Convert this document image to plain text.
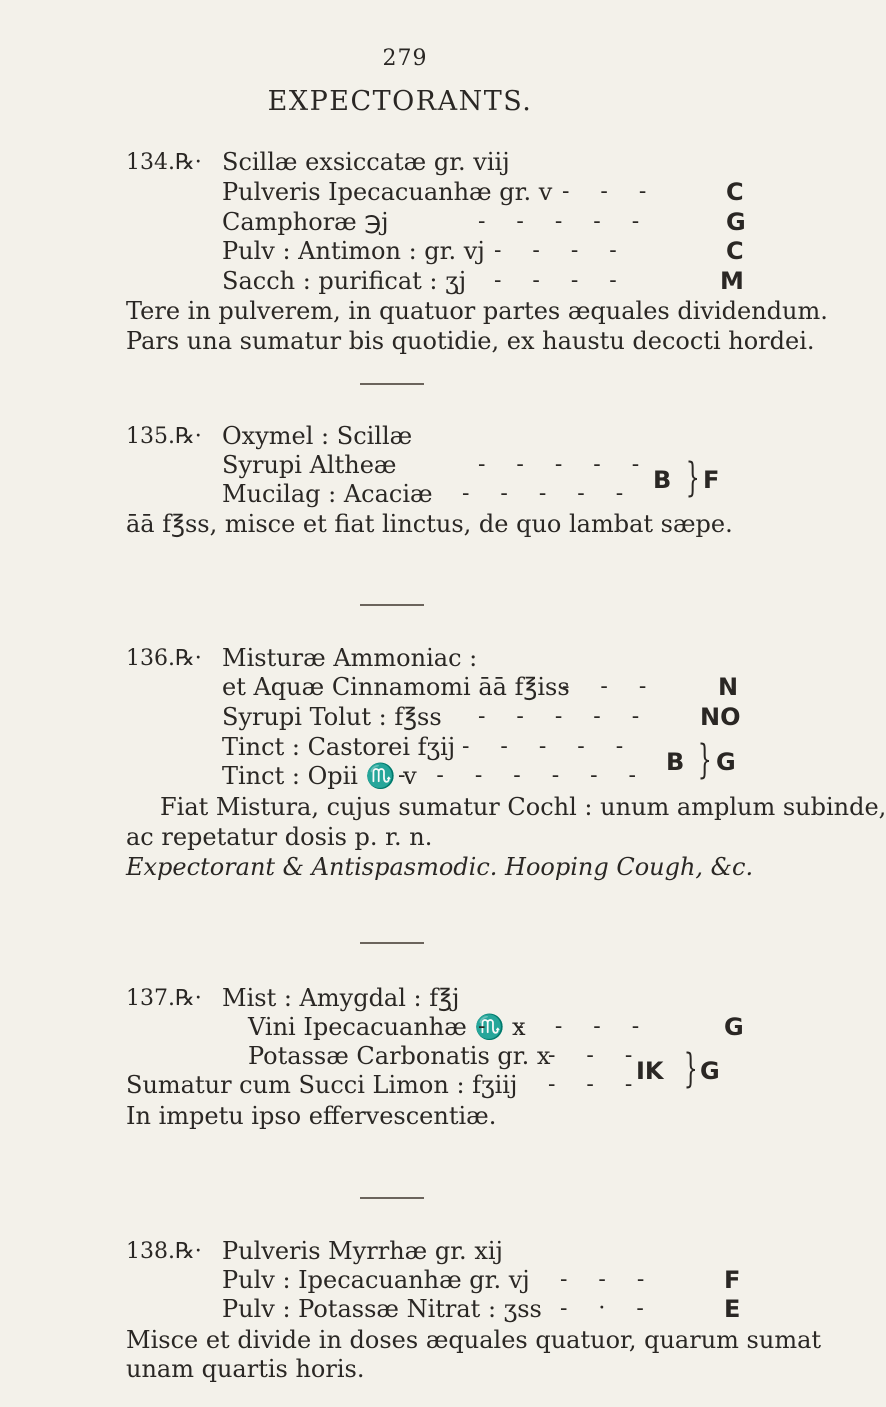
279
EXPECTORANTS.
134. ℞· Scillæ exsiccatæ gr. viij
Pulveris Ipecacuanhæ gr. v
Camphoræ ℈j
Pulv : Antimon : gr. vj
Sacch : purificat : ʒj
- - -
- - - - -
- - - -
- - - -
C
G
C
M
Tere in pulverem, in quatuor partes æquales dividendum.
Pars una sumatur bis quotidie, ex haustu decocti hordei.
135. ℞· Oxymel : Scillæ
Syrupi Altheæ
Mucilag : Acaciæ
- - - - -
- - - - - B } F
āā f℥ss, misce et fiat linctus, de quo lambat sæpe.
136. ℞· Misturæ Ammoniac :
et Aquæ Cinnamomi āā f℥iss
Syrupi Tolut : f℥ss
Tinct : Castorei fʒij
Tinct : Opii ♏ v
- - -
- - - - -
- - - - -
- - - - - - -
N
NO
B } G
Fiat Mistura, cujus sumatur Cochl : unum amplum subinde,
ac repetatur dosis p. r. n.
Expectorant & Antispasmodic. Hooping Cough, &c.
137. ℞· Mist : Amygdal : f℥j
Vini Ipecacuanhæ ♏ x
Potassæ Carbonatis gr. x
Sumatur cum Succi Limon : fʒiij
- - - - -
- - -
- - -
G
IK } G
In impetu ipso effervescentiæ.
138. ℞· Pulveris Myrrhæ gr. xij
Pulv : Ipecacuanhæ gr. vj
Pulv : Potassæ Nitrat : ʒss
- - -
- · -
F
E
Misce et divide in doses æquales quatuor, quarum sumat
unam quartis horis.
